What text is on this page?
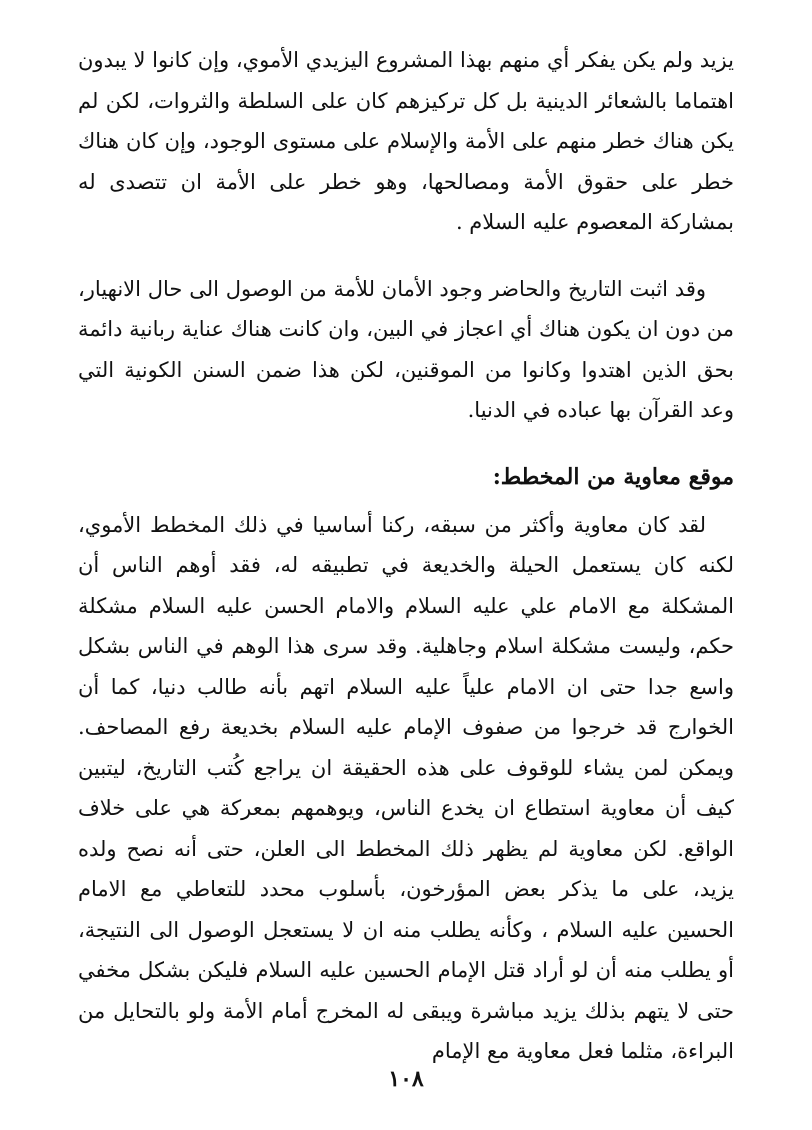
يزيد ولم يكن يفكر أي منهم بهذا المشروع اليزيدي الأموي، وإن كانوا لا يبدون اهتماما بالشعائر الدينية بل كل تركيزهم كان على السلطة والثروات، لكن لم يكن هناك خطر منهم على الأمة والإسلام على مستوى الوجود، وإن كان هناك خطر على حقوق الأمة ومصالحها، وهو خطر على الأمة ان تتصدى له بمشاركة المعصوم عليه السلام .

وقد اثبت التاريخ والحاضر وجود الأمان للأمة من الوصول الى حال الانهيار، من دون ان يكون هناك أي اعجاز في البين، وان كانت هناك عناية ربانية دائمة بحق الذين اهتدوا وكانوا من الموقنين، لكن هذا ضمن السنن الكونية التي وعد القرآن بها عباده في الدنيا.

موقع معاوية من المخطط:

لقد كان معاوية وأكثر من سبقه، ركنا أساسيا في ذلك المخطط الأموي، لكنه كان يستعمل الحيلة والخديعة في تطبيقه له، فقد أوهم الناس أن المشكلة مع الامام علي عليه السلام والامام الحسن عليه السلام مشكلة حكم، وليست مشكلة اسلام وجاهلية. وقد سرى هذا الوهم في الناس بشكل واسع جدا حتى ان الامام علياً عليه السلام اتهم بأنه طالب دنيا، كما أن الخوارج قد خرجوا من صفوف الإمام عليه السلام بخديعة رفع المصاحف. ويمكن لمن يشاء للوقوف على هذه الحقيقة ان يراجع كُتب التاريخ، ليتبين كيف أن معاوية استطاع ان يخدع الناس، ويوهمهم بمعركة هي على خلاف الواقع. لكن معاوية لم يظهر ذلك المخطط الى العلن، حتى أنه نصح ولده يزيد، على ما يذكر بعض المؤرخون، بأسلوب محدد للتعاطي مع الامام الحسين عليه السلام ، وكأنه يطلب منه ان لا يستعجل الوصول الى النتيجة، أو يطلب منه أن لو أراد قتل الإمام الحسين عليه السلام فليكن بشكل مخفي حتى لا يتهم بذلك يزيد مباشرة ويبقى له المخرج أمام الأمة ولو بالتحايل من البراءة، مثلما فعل معاوية مع الإمام

١٠٨
